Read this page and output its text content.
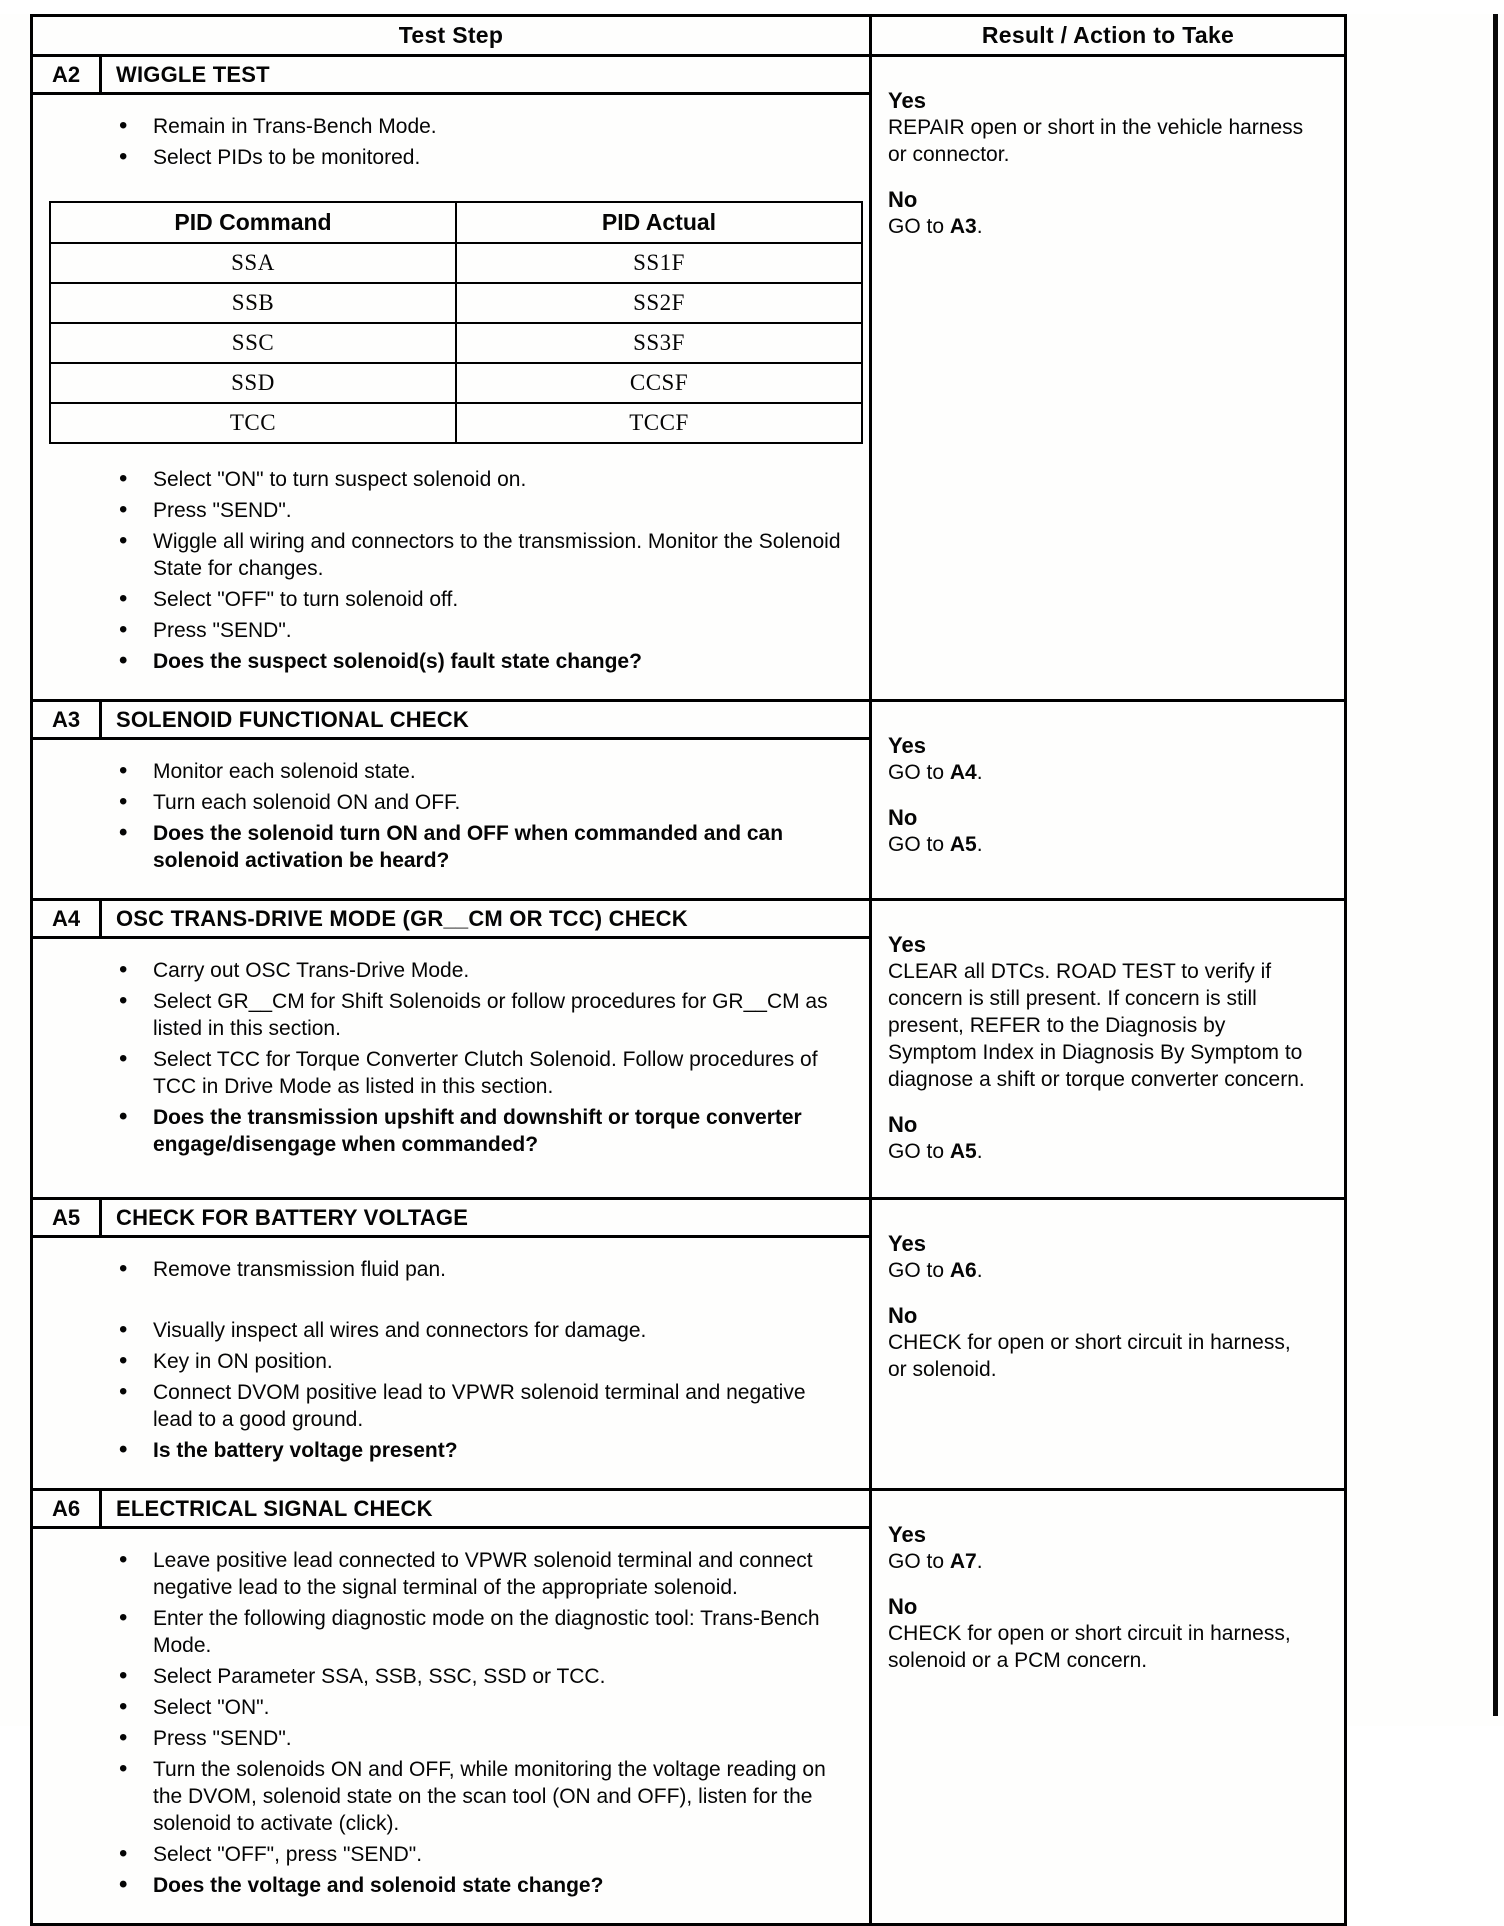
Test Step	Result / Action to Take

A2	WIGGLE TEST
• Remain in Trans-Bench Mode.
• Select PIDs to be monitored.
PID Command	PID Actual
SSA	SS1F
SSB	SS2F
SSC	SS3F
SSD	CCSF
TCC	TCCF
• Select "ON" to turn suspect solenoid on.
• Press "SEND".
• Wiggle all wiring and connectors to the transmission. Monitor the Solenoid State for changes.
• Select "OFF" to turn solenoid off.
• Press "SEND".
• Does the suspect solenoid(s) fault state change?

Yes
REPAIR open or short in the vehicle harness or connector.
No
GO to A3.

A3	SOLENOID FUNCTIONAL CHECK
• Monitor each solenoid state.
• Turn each solenoid ON and OFF.
• Does the solenoid turn ON and OFF when commanded and can solenoid activation be heard?

Yes
GO to A4.
No
GO to A5.

A4	OSC TRANS-DRIVE MODE (GR__CM OR TCC) CHECK
• Carry out OSC Trans-Drive Mode.
• Select GR__CM for Shift Solenoids or follow procedures for GR__CM as listed in this section.
• Select TCC for Torque Converter Clutch Solenoid. Follow procedures of TCC in Drive Mode as listed in this section.
• Does the transmission upshift and downshift or torque converter engage/disengage when commanded?

Yes
CLEAR all DTCs. ROAD TEST to verify if concern is still present. If concern is still present, REFER to the Diagnosis by Symptom Index in Diagnosis By Symptom to diagnose a shift or torque converter concern.
No
GO to A5.

A5	CHECK FOR BATTERY VOLTAGE
• Remove transmission fluid pan.
• Visually inspect all wires and connectors for damage.
• Key in ON position.
• Connect DVOM positive lead to VPWR solenoid terminal and negative lead to a good ground.
• Is the battery voltage present?

Yes
GO to A6.
No
CHECK for open or short circuit in harness, or solenoid.

A6	ELECTRICAL SIGNAL CHECK
• Leave positive lead connected to VPWR solenoid terminal and connect negative lead to the signal terminal of the appropriate solenoid.
• Enter the following diagnostic mode on the diagnostic tool: Trans-Bench Mode.
• Select Parameter SSA, SSB, SSC, SSD or TCC.
• Select "ON".
• Press "SEND".
• Turn the solenoids ON and OFF, while monitoring the voltage reading on the DVOM, solenoid state on the scan tool (ON and OFF), listen for the solenoid to activate (click).
• Select "OFF", press "SEND".
• Does the voltage and solenoid state change?

Yes
GO to A7.
No
CHECK for open or short circuit in harness, solenoid or a PCM concern.
